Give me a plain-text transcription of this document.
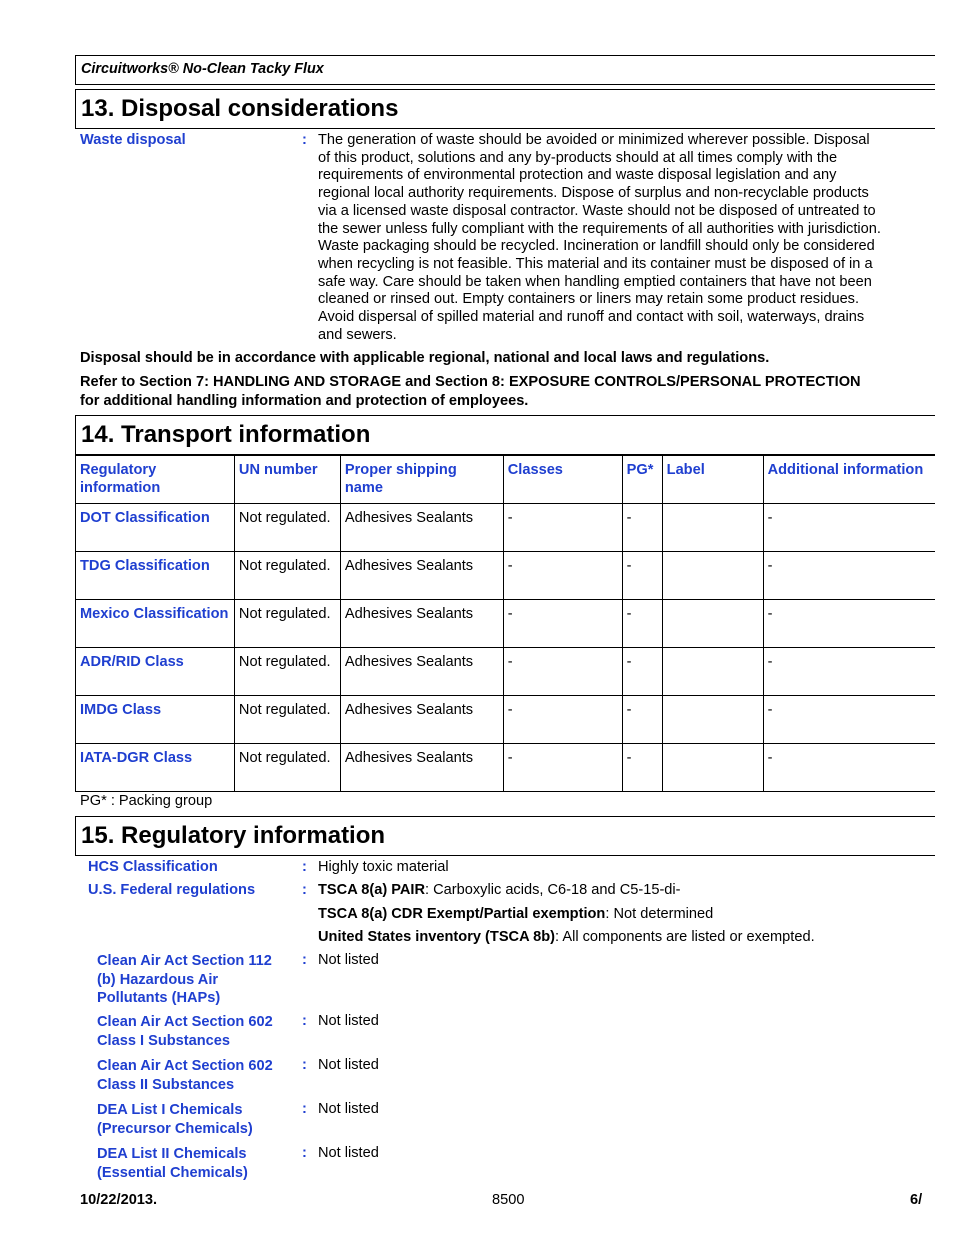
Circuitworks® No-Clean Tacky Flux
13. Disposal considerations
Waste disposal	: The generation of waste should be avoided or minimized wherever possible. Disposal
of this product, solutions and any by-products should at all times comply with the
requirements of environmental protection and waste disposal legislation and any
regional local authority requirements. Dispose of surplus and non-recyclable products
via a licensed waste disposal contractor. Waste should not be disposed of untreated to
the sewer unless fully compliant with the requirements of all authorities with jurisdiction.
Waste packaging should be recycled. Incineration or landfill should only be considered
when recycling is not feasible. This material and its container must be disposed of in a
safe way. Care should be taken when handling emptied containers that have not been
cleaned or rinsed out. Empty containers or liners may retain some product residues.
Avoid dispersal of spilled material and runoff and contact with soil, waterways, drains
and sewers.
Disposal should be in accordance with applicable regional, national and local laws and regulations.
Refer to Section 7: HANDLING AND STORAGE and Section 8: EXPOSURE CONTROLS/PERSONAL PROTECTION
for additional handling information and protection of employees.
14. Transport information
Regulatory information	UN number	Proper shipping name	Classes	PG*	Label	Additional information
DOT Classification	Not regulated.	Adhesives Sealants	-	-		-
TDG Classification	Not regulated.	Adhesives Sealants	-	-		-
Mexico Classification	Not regulated.	Adhesives Sealants	-	-		-
ADR/RID Class	Not regulated.	Adhesives Sealants	-	-		-
IMDG Class	Not regulated.	Adhesives Sealants	-	-		-
IATA-DGR Class	Not regulated.	Adhesives Sealants	-	-		-
PG* : Packing group
15. Regulatory information
HCS Classification	: Highly toxic material
U.S. Federal regulations	: TSCA 8(a) PAIR: Carboxylic acids, C6-18 and C5-15-di-
TSCA 8(a) CDR Exempt/Partial exemption: Not determined
United States inventory (TSCA 8b): All components are listed or exempted.
Clean Air Act Section 112
(b) Hazardous Air
Pollutants (HAPs)
: Not listed
Clean Air Act Section 602
Class I Substances
: Not listed
Clean Air Act Section 602
Class II Substances
: Not listed
DEA List I Chemicals
(Precursor Chemicals)
: Not listed
DEA List II Chemicals
(Essential Chemicals)
: Not listed
10/22/2013.	8500	6/
